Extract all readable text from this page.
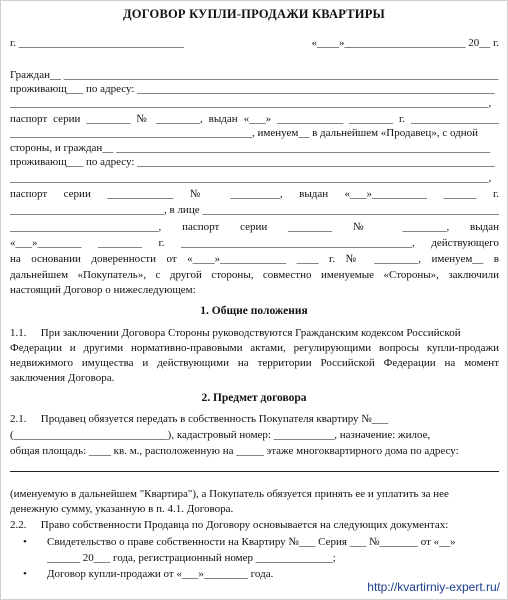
ДОГОВОР КУПЛИ-ПРОДАЖИ КВАРТИРЫ
г. ______________________________	«____»______________________ 20__ г.
Граждан__ _______________________________________________________________________________
проживающ___ по адресу: _________________________________________________________________
_______________________________________________________________________________________,
паспорт серии ________ № ________, выдан «___» ____________ ________ г. ________________
____________________________________________, именуем__ в дальнейшем «Продавец», с одной
стороны, и граждан__ ____________________________________________________________________
проживающ___ по адресу: _________________________________________________________________
_______________________________________________________________________________________,
паспорт серии ____________ № _________, выдан «___»__________ ______ г.
____________________________, в лице ______________________________________________________
___________________________, паспорт серии ________ № ________, выдан
«___»________ ________ г. __________________________________________, действующего
на основании доверенности от «____»____________ ____ г. № ________, именуем__ в
дальнейшем «Покупатель», с другой стороны, совместно именуемые «Стороны», заключили
настоящий Договор о нижеследующем:
1. Общие положения
1.1. При заключении Договора Стороны руководствуются Гражданским кодексом Российской
Федерации и другими нормативно-правовыми актами, регулирующими вопросы купли-продажи
недвижимого имущества и действующими на территории Российской Федерации на момент
заключения Договора.
2. Предмет договора
2.1. Продавец обязуется передать в собственность Покупателя квартиру №___
(____________________________), кадастровый номер: ___________, назначение: жилое,
общая площадь: ____ кв. м., расположенную на _____ этаже многоквартирного дома по адресу:
(именуемую в дальнейшем "Квартира"), а Покупатель обязуется принять ее и уплатить за нее
денежную сумму, указанную в п. 4.1. Договора.
2.2. Право собственности Продавца по Договору основывается на следующих документах:
• Свидетельство о праве собственности на Квартиру №___ Серия ___ №_______ от «__»
______ 20___ года, регистрационный номер ______________;
• Договор купли-продажи от «___»________ года.
http://kvartirniy-expert.ru/
